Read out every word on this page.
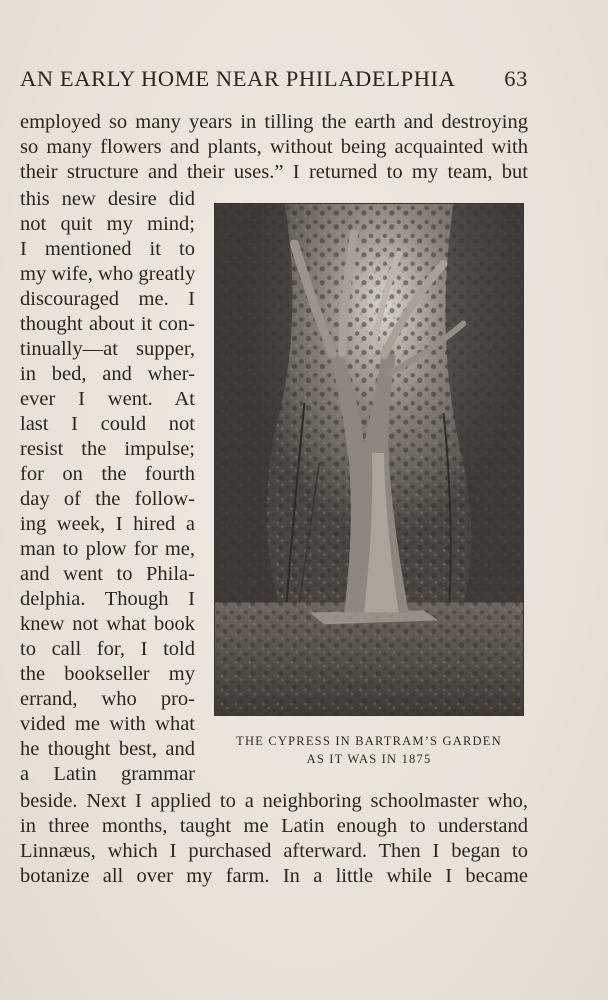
AN EARLY HOME NEAR PHILADELPHIA 63
employed so many years in tilling the earth and destroying
so many flowers and plants, without being acquainted with
their structure and their uses.” I returned to my team, but
this new desire did
not quit my mind;
I mentioned it to
my wife, who greatly
discouraged me. I
thought about it con-
tinually—at supper,
in bed, and wher-
ever I went. At
last I could not
resist the impulse;
for on the fourth
day of the follow-
ing week, I hired a
man to plow for me,
and went to Phila-
delphia. Though I
knew not what book
to call for, I told
the bookseller my
errand, who pro-
vided me with what
he thought best, and
a Latin grammar
beside. Next I applied to a neighboring schoolmaster who,
in three months, taught me Latin enough to understand
Linnæus, which I purchased afterward. Then I began to
botanize all over my farm. In a little while I became
THE CYPRESS IN BARTRAM’S GARDEN
AS IT WAS IN 1875
